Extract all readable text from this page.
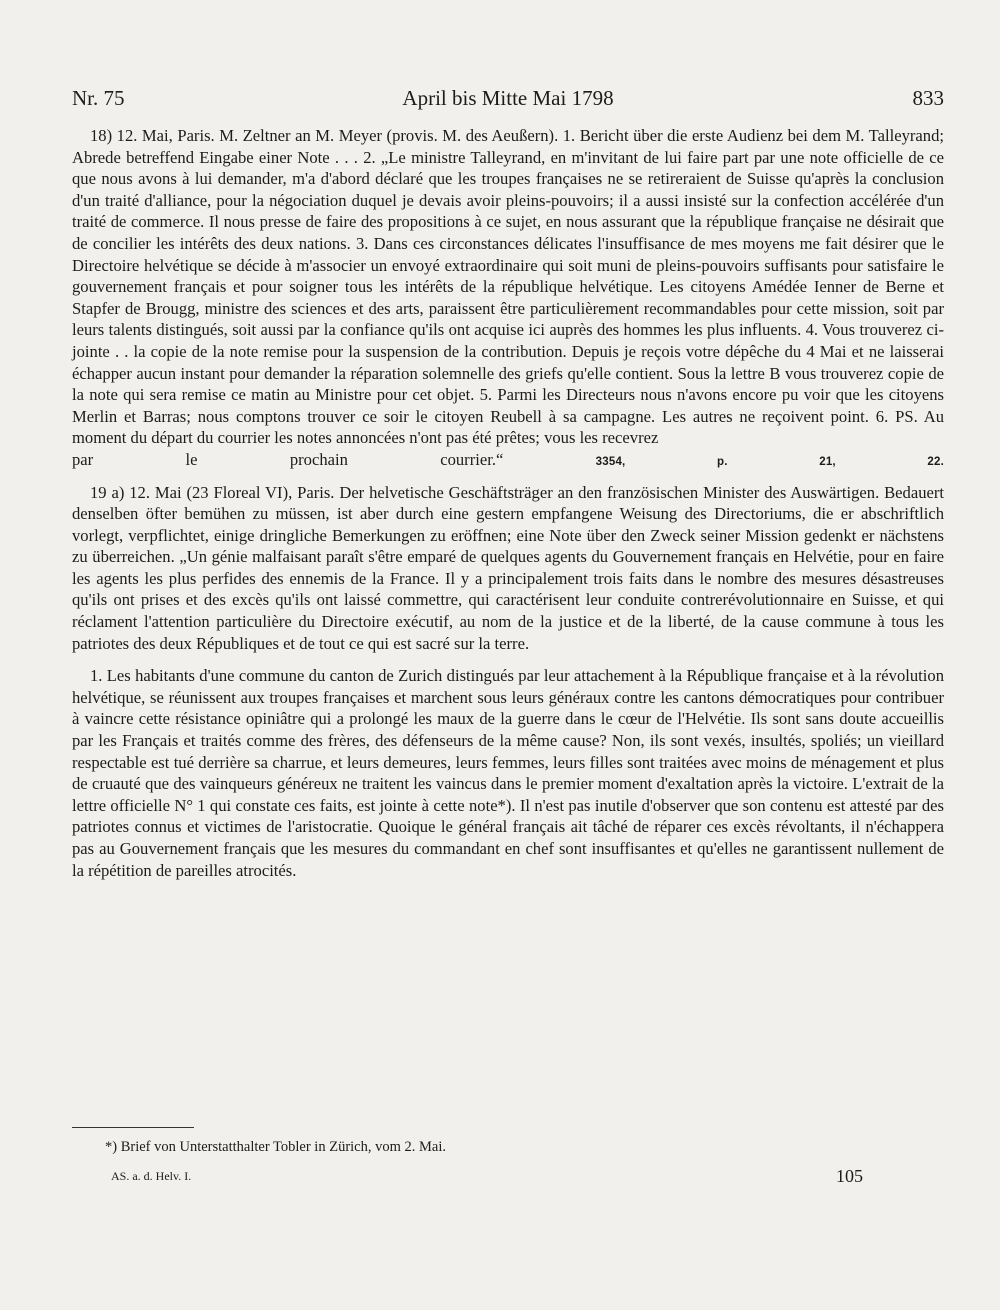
Nr. 75	April bis Mitte Mai 1798	833

18) 12. Mai, Paris. M. Zeltner an M. Meyer (provis. M. des Aeußern). 1. Bericht über die erste Audienz bei dem M. Talleyrand; Abrede betreffend Eingabe einer Note . . . 2. „Le ministre Talleyrand, en m'invitant de lui faire part par une note officielle de ce que nous avons à lui demander, m'a d'abord déclaré que les troupes françaises ne se retireraient de Suisse qu'après la conclusion d'un traité d'alliance, pour la négociation duquel je devais avoir pleins-pouvoirs; il a aussi insisté sur la confection accélérée d'un traité de commerce. Il nous presse de faire des propositions à ce sujet, en nous assurant que la république française ne désirait que de concilier les intérêts des deux nations. 3. Dans ces circonstances délicates l'insuffisance de mes moyens me fait désirer que le Directoire helvétique se décide à m'associer un envoyé extraordinaire qui soit muni de pleins-pouvoirs suffisants pour satisfaire le gouvernement français et pour soigner tous les intérêts de la république helvétique. Les citoyens Amédée Ienner de Berne et Stapfer de Brougg, ministre des sciences et des arts, paraissent être particulièrement recommandables pour cette mission, soit par leurs talents distingués, soit aussi par la confiance qu'ils ont acquise ici auprès des hommes les plus influents. 4. Vous trouverez ci-jointe . . la copie de la note remise pour la suspension de la contribution. Depuis je reçois votre dépêche du 4 Mai et ne laisserai échapper aucun instant pour demander la réparation solemnelle des griefs qu'elle contient. Sous la lettre B vous trouverez copie de la note qui sera remise ce matin au Ministre pour cet objet. 5. Parmi les Directeurs nous n'avons encore pu voir que les citoyens Merlin et Barras; nous comptons trouver ce soir le citoyen Reubell à sa campagne. Les autres ne reçoivent point. 6. PS. Au moment du départ du courrier les notes annoncées n'ont pas été prêtes; vous les recevrez
par le prochain courrier.“	3354, p. 21, 22.

19 a) 12. Mai (23 Floreal VI), Paris. Der helvetische Geschäftsträger an den französischen Minister des Auswärtigen. Bedauert denselben öfter bemühen zu müssen, ist aber durch eine gestern empfangene Weisung des Directoriums, die er abschriftlich vorlegt, verpflichtet, einige dringliche Bemerkungen zu eröffnen; eine Note über den Zweck seiner Mission gedenkt er nächstens zu überreichen. „Un génie malfaisant paraît s'être emparé de quelques agents du Gouvernement français en Helvétie, pour en faire les agents les plus perfides des ennemis de la France. Il y a principalement trois faits dans le nombre des mesures désastreuses qu'ils ont prises et des excès qu'ils ont laissé commettre, qui caractérisent leur conduite contrerévolutionnaire en Suisse, et qui réclament l'attention particulière du Directoire exécutif, au nom de la justice et de la liberté, de la cause commune à tous les patriotes des deux Républiques et de tout ce qui est sacré sur la terre.

1. Les habitants d'une commune du canton de Zurich distingués par leur attachement à la République française et à la révolution helvétique, se réunissent aux troupes françaises et marchent sous leurs généraux contre les cantons démocratiques pour contribuer à vaincre cette résistance opiniâtre qui a prolongé les maux de la guerre dans le cœur de l'Helvétie. Ils sont sans doute accueillis par les Français et traités comme des frères, des défenseurs de la même cause? Non, ils sont vexés, insultés, spoliés; un vieillard respectable est tué derrière sa charrue, et leurs demeures, leurs femmes, leurs filles sont traitées avec moins de ménagement et plus de cruauté que des vainqueurs généreux ne traitent les vaincus dans le premier moment d'exaltation après la victoire. L'extrait de la lettre officielle N° 1 qui constate ces faits, est jointe à cette note*). Il n'est pas inutile d'observer que son contenu est attesté par des patriotes connus et victimes de l'aristocratie. Quoique le général français ait tâché de réparer ces excès révoltants, il n'échappera pas au Gouvernement français que les mesures du commandant en chef sont insuffisantes et qu'elles ne garantissent nullement de la répétition de pareilles atrocités.

*) Brief von Unterstatthalter Tobler in Zürich, vom 2. Mai.
AS. a. d. Helv. I.	105
